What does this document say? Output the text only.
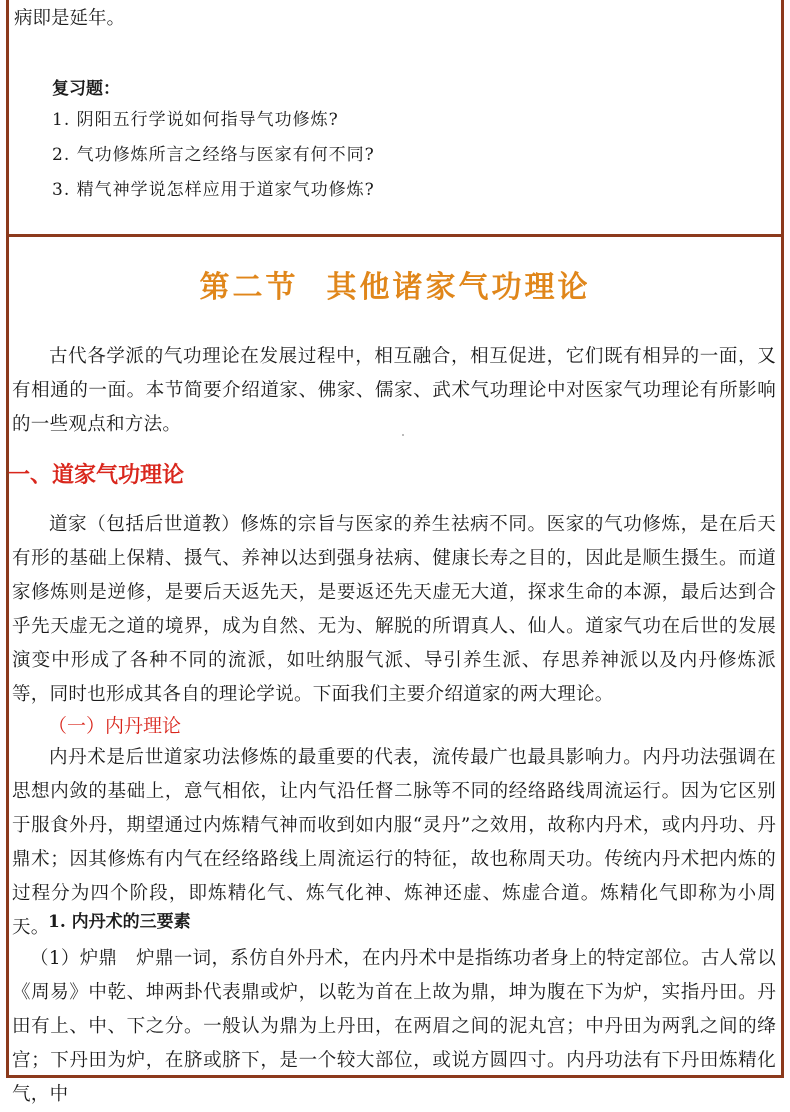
病即是延年。
复习题：
1. 阴阳五行学说如何指导气功修炼?
2. 气功修炼所言之经络与医家有何不同?
3. 精气神学说怎样应用于道家气功修炼?
第二节 其他诸家气功理论

古代各学派的气功理论在发展过程中，相互融合，相互促进，它们既有相异的一面，又有相通的一面。本节简要介绍道家、佛家、儒家、武术气功理论中对医家气功理论有所影响的一些观点和方法。

一、道家气功理论

道家（包括后世道教）修炼的宗旨与医家的养生祛病不同。医家的气功修炼，是在后天有形的基础上保精、摄气、养神以达到强身祛病、健康长寿之目的，因此是顺生摄生。而道家修炼则是逆修，是要后天返先天，是要返还先天虚无大道，探求生命的本源，最后达到合乎先天虚无之道的境界，成为自然、无为、解脱的所谓真人、仙人。道家气功在后世的发展演变中形成了各种不同的流派，如吐纳服气派、导引养生派、存思养神派以及内丹修炼派等，同时也形成其各自的理论学说。下面我们主要介绍道家的两大理论。

（一）内丹理论

内丹术是后世道家功法修炼的最重要的代表，流传最广也最具影响力。内丹功法强调在思想内敛的基础上，意气相依，让内气沿任督二脉等不同的经络路线周流运行。因为它区别于服食外丹，期望通过内炼精气神而收到如内服“灵丹”之效用，故称内丹术，或内丹功、丹鼎术；因其修炼有内气在经络路线上周流运行的特征，故也称周天功。传统内丹术把内炼的过程分为四个阶段，即炼精化气、炼气化神、炼神还虚、炼虚合道。炼精化气即称为小周天。

1. 内丹术的三要素

（1）炉鼎　炉鼎一词，系仿自外丹术，在内丹术中是指练功者身上的特定部位。古人常以《周易》中乾、坤两卦代表鼎或炉，以乾为首在上故为鼎，坤为腹在下为炉，实指丹田。丹田有上、中、下之分。一般认为鼎为上丹田，在两眉之间的泥丸宫；中丹田为两乳之间的绛宫；下丹田为炉，在脐或脐下，是一个较大部位，或说方圆四寸。内丹功法有下丹田炼精化气，中
